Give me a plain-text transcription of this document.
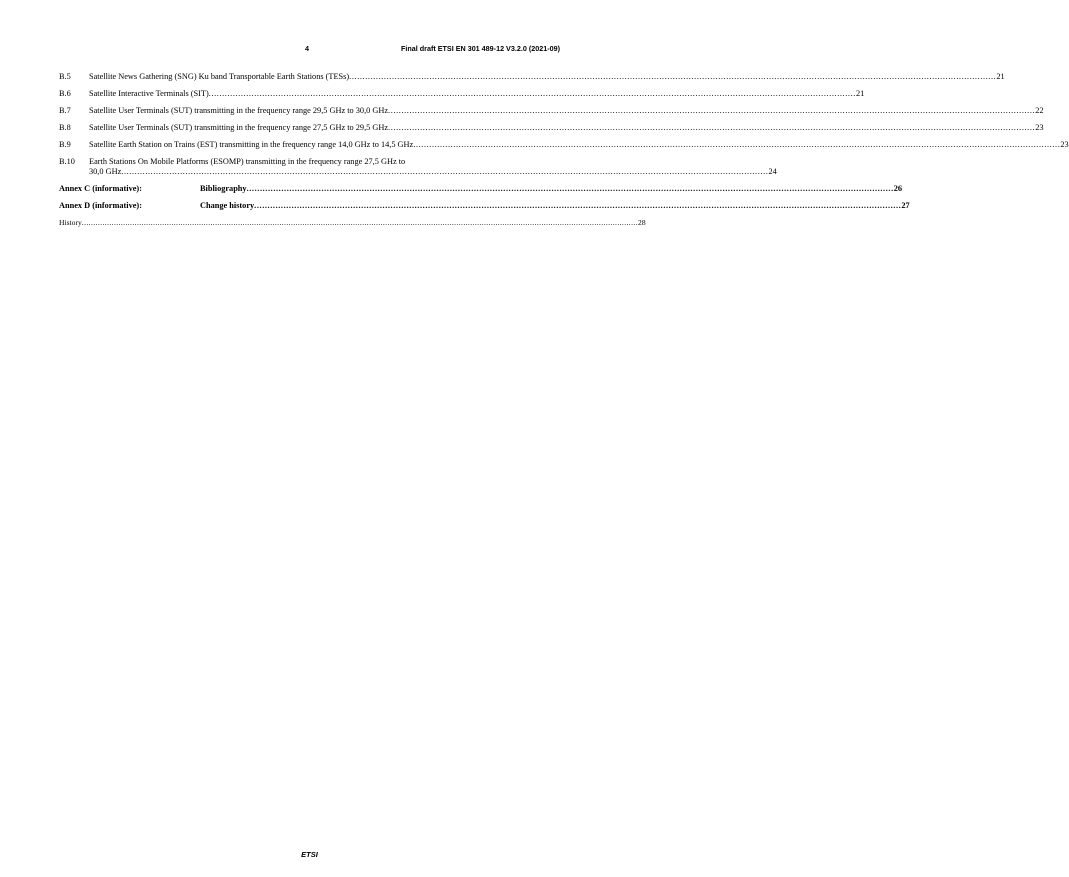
4	Final draft ETSI EN 301 489-12 V3.2.0 (2021-09)
B.5	Satellite News Gathering (SNG) Ku band Transportable Earth Stations (TESs) .....	21
B.6	Satellite Interactive Terminals (SIT) .....	21
B.7	Satellite User Terminals (SUT) transmitting in the frequency range 29,5 GHz to 30,0 GHz .....	22
B.8	Satellite User Terminals (SUT) transmitting in the frequency range 27,5 GHz to 29,5 GHz .....	23
B.9	Satellite Earth Station on Trains (EST) transmitting in the frequency range 14,0 GHz to 14,5 GHz .....	23
B.10	Earth Stations On Mobile Platforms (ESOMP) transmitting in the frequency range 27,5 GHz to
30,0 GHz .....	24
Annex C (informative):	Bibliography .....	26
Annex D (informative):	Change history .....	27
History .....	28
ETSI
